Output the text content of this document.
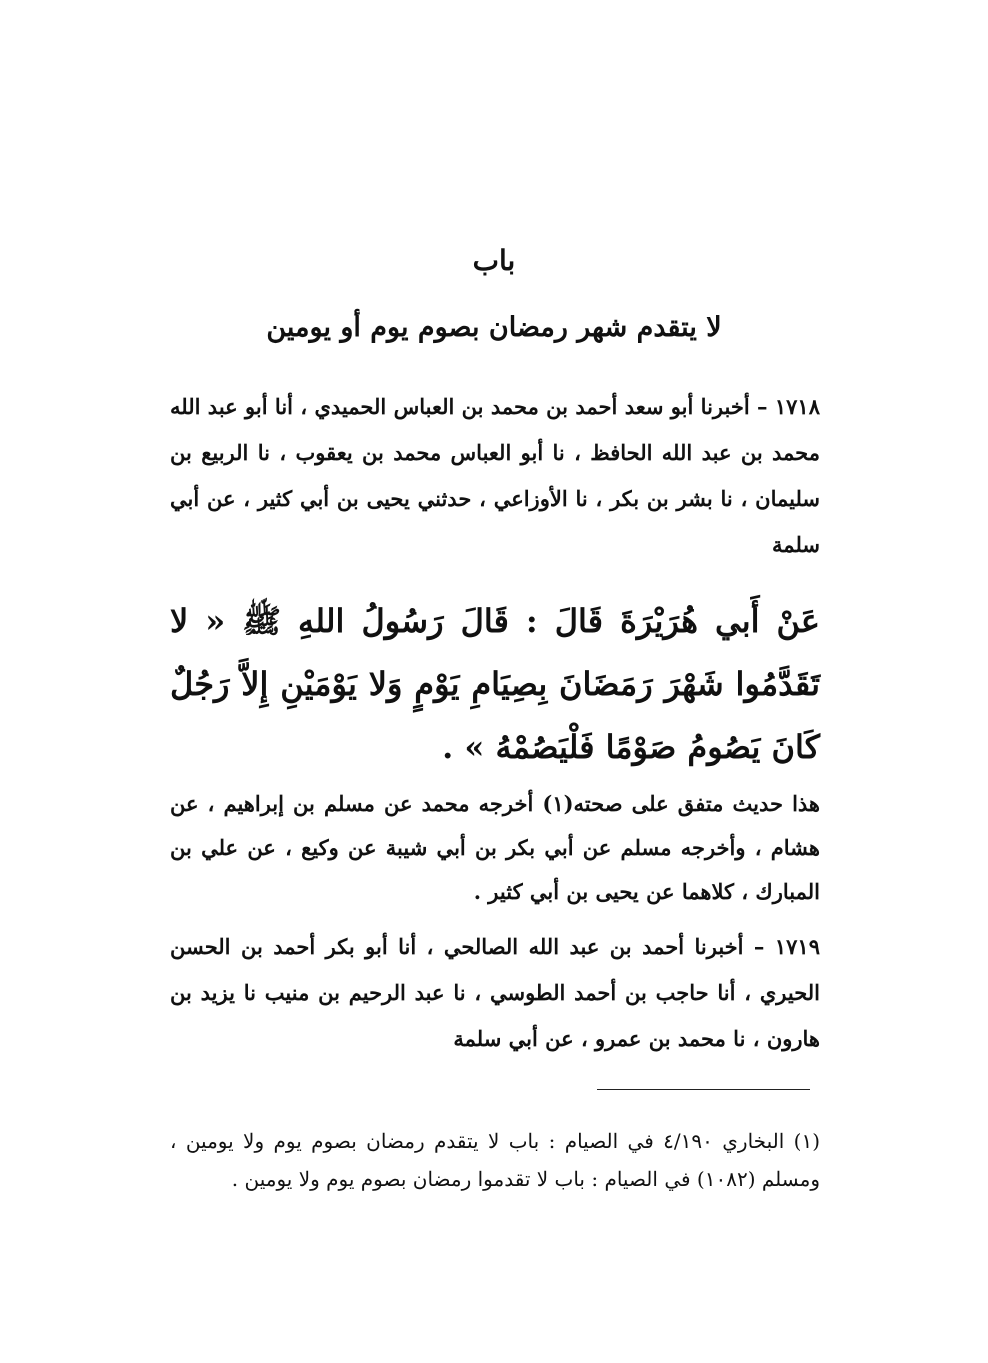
باب
لا يتقدم شهر رمضان بصوم يوم أو يومين

١٧١٨ – أخبرنا أبو سعد أحمد بن محمد بن العباس الحميدي ، أنا أبو عبد الله محمد بن عبد الله الحافظ ، نا أبو العباس محمد بن يعقوب ، نا الربيع بن سليمان ، نا بشر بن بكر ، نا الأوزاعي ، حدثني يحيى بن أبي كثير ، عن أبي سلمة

عَنْ أَبي هُرَيْرَةَ قَالَ : قَالَ رَسُولُ اللهِ ﷺ « لا تَقَدَّمُوا شَهْرَ رَمَضَانَ بِصِيَامِ يَوْمٍ وَلا يَوْمَيْنِ إِلاَّ رَجُلٌ كَانَ يَصُومُ صَوْمًا فَلْيَصُمْهُ » .

هذا حديث متفق على صحته(١) أخرجه محمد عن مسلم بن إبراهيم ، عن هشام ، وأخرجه مسلم عن أبي بكر بن أبي شيبة عن وكيع ، عن علي بن المبارك ، كلاهما عن يحيى بن أبي كثير .

١٧١٩ – أخبرنا أحمد بن عبد الله الصالحي ، أنا أبو بكر أحمد بن الحسن الحيري ، أنا حاجب بن أحمد الطوسي ، نا عبد الرحيم بن منيب نا يزيد بن هارون ، نا محمد بن عمرو ، عن أبي سلمة

(١) البخاري ٤/١٩٠ في الصيام : باب لا يتقدم رمضان بصوم يوم ولا يومين ، ومسلم (١٠٨٢) في الصيام : باب لا تقدموا رمضان بصوم يوم ولا يومين .
